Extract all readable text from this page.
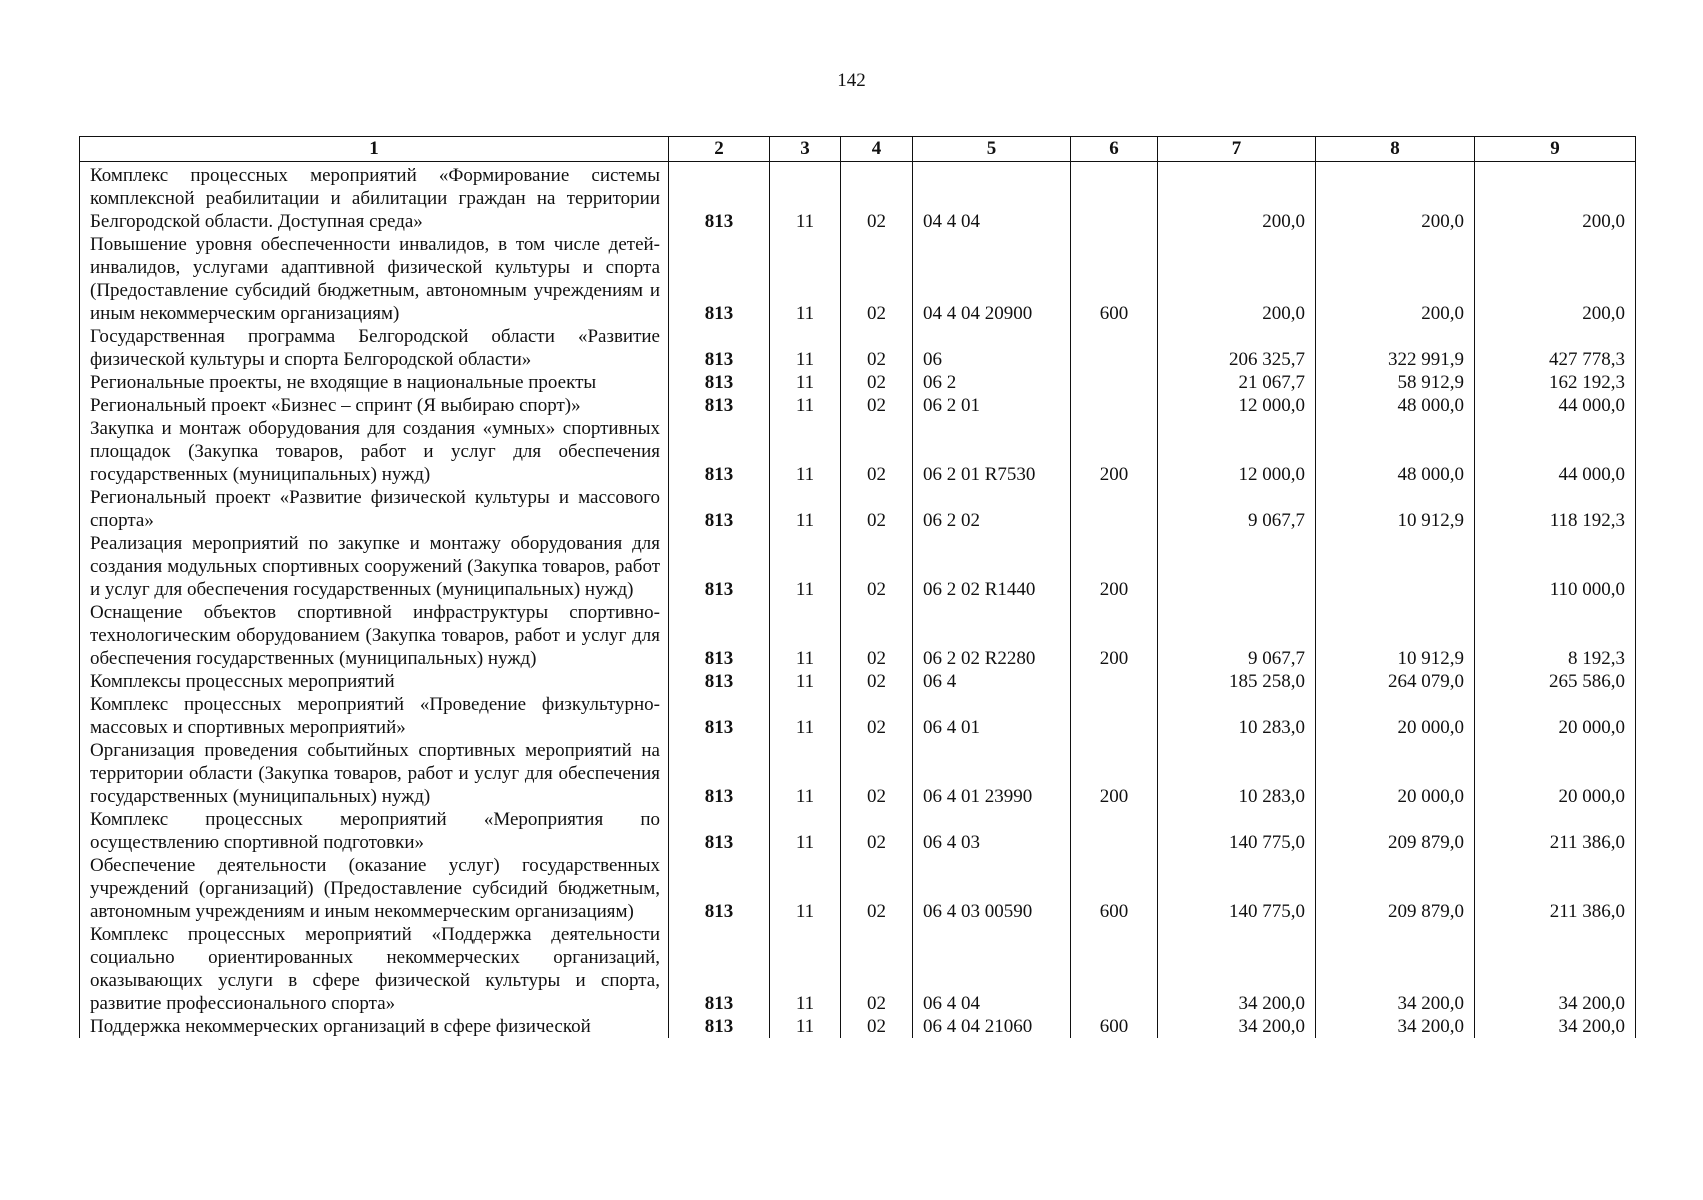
142
1	2	3	4	5	6	7	8	9
Комплекс процессных мероприятий «Формирование системы комплексной реабилитации и абилитации граждан на территории Белгородской области. Доступная среда»	813	11	02	04 4 04		200,0	200,0	200,0
Повышение уровня обеспеченности инвалидов, в том числе детей-инвалидов, услугами адаптивной физической культуры и спорта (Предоставление субсидий бюджетным, автономным учреждениям и иным некоммерческим организациям)	813	11	02	04 4 04 20900	600	200,0	200,0	200,0
Государственная программа Белгородской области «Развитие физической культуры и спорта Белгородской области»	813	11	02	06		206 325,7	322 991,9	427 778,3
Региональные проекты, не входящие в национальные проекты	813	11	02	06 2		21 067,7	58 912,9	162 192,3
Региональный проект «Бизнес – спринт (Я выбираю спорт)»	813	11	02	06 2 01		12 000,0	48 000,0	44 000,0
Закупка и монтаж оборудования для создания «умных» спортивных площадок (Закупка товаров, работ и услуг для обеспечения государственных (муниципальных) нужд)	813	11	02	06 2 01 R7530	200	12 000,0	48 000,0	44 000,0
Региональный проект «Развитие физической культуры и массового спорта»	813	11	02	06 2 02		9 067,7	10 912,9	118 192,3
Реализация мероприятий по закупке и монтажу оборудования для создания модульных спортивных сооружений (Закупка товаров, работ и услуг для обеспечения государственных (муниципальных) нужд)	813	11	02	06 2 02 R1440	200			110 000,0
Оснащение объектов спортивной инфраструктуры спортивно-технологическим оборудованием (Закупка товаров, работ и услуг для обеспечения государственных (муниципальных) нужд)	813	11	02	06 2 02 R2280	200	9 067,7	10 912,9	8 192,3
Комплексы процессных мероприятий	813	11	02	06 4		185 258,0	264 079,0	265 586,0
Комплекс процессных мероприятий «Проведение физкультурно-массовых и спортивных мероприятий»	813	11	02	06 4 01		10 283,0	20 000,0	20 000,0
Организация проведения событийных спортивных мероприятий на территории области (Закупка товаров, работ и услуг для обеспечения государственных (муниципальных) нужд)	813	11	02	06 4 01 23990	200	10 283,0	20 000,0	20 000,0
Комплекс процессных мероприятий «Мероприятия по осуществлению спортивной подготовки»	813	11	02	06 4 03		140 775,0	209 879,0	211 386,0
Обеспечение деятельности (оказание услуг) государственных учреждений (организаций) (Предоставление субсидий бюджетным, автономным учреждениям и иным некоммерческим организациям)	813	11	02	06 4 03 00590	600	140 775,0	209 879,0	211 386,0
Комплекс процессных мероприятий «Поддержка деятельности социально ориентированных некоммерческих организаций, оказывающих услуги в сфере физической культуры и спорта, развитие профессионального спорта»	813	11	02	06 4 04		34 200,0	34 200,0	34 200,0
Поддержка некоммерческих организаций в сфере физической	813	11	02	06 4 04 21060	600	34 200,0	34 200,0	34 200,0
